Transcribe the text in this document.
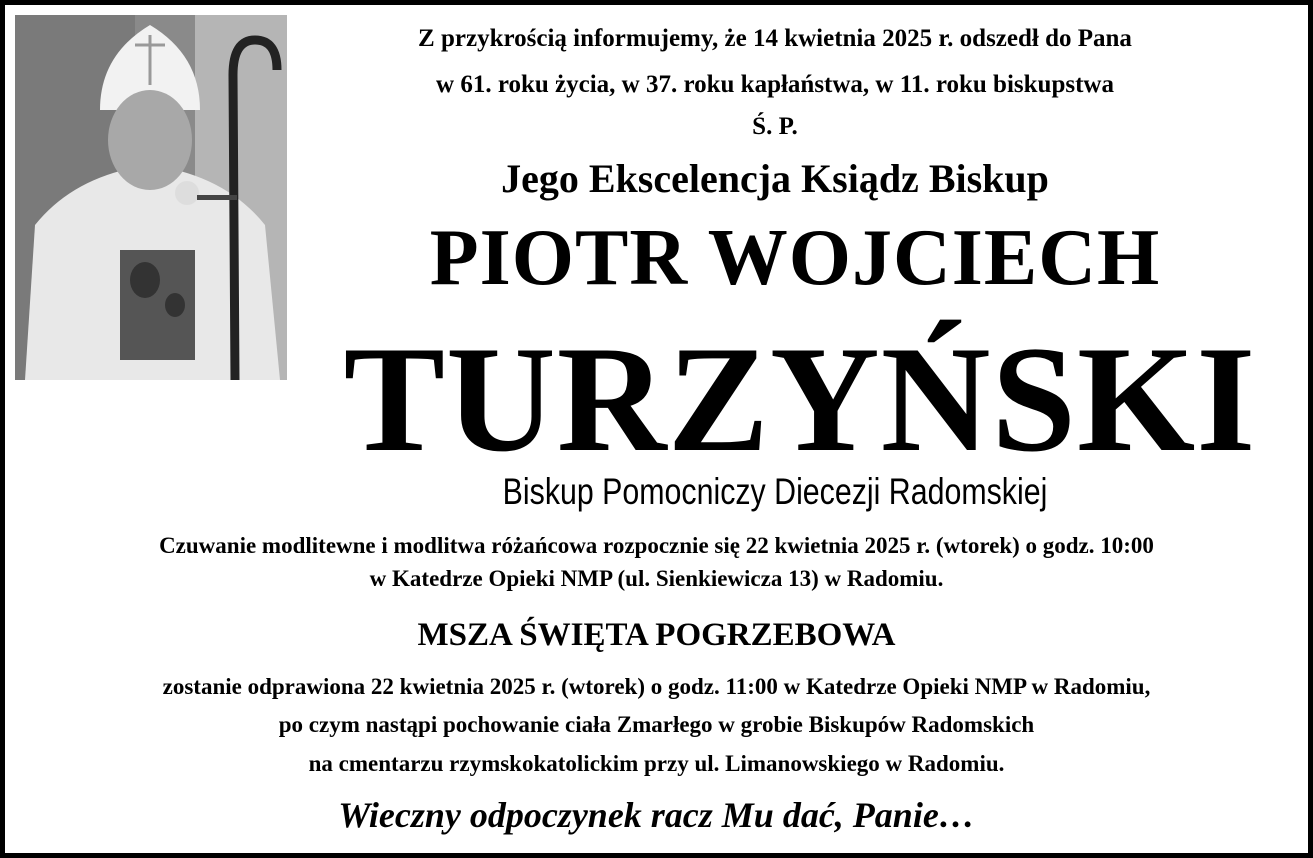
Z przykrością informujemy, że 14 kwietnia 2025 r. odszedł do Pana
w 61. roku życia, w 37. roku kapłaństwa, w 11. roku biskupstwa
Ś. P.
Jego Ekscelencja Ksiądz Biskup
PIOTR WOJCIECH
TURZYŃSKI
Biskup Pomocniczy Diecezji Radomskiej
Czuwanie modlitewne i modlitwa różańcowa rozpocznie się 22 kwietnia 2025 r. (wtorek) o godz. 10:00
w Katedrze Opieki NMP (ul. Sienkiewicza 13) w Radomiu.
MSZA ŚWIĘTA POGRZEBOWA
zostanie odprawiona 22 kwietnia 2025 r. (wtorek) o godz. 11:00 w Katedrze Opieki NMP w Radomiu,
po czym nastąpi pochowanie ciała Zmarłego w grobie Biskupów Radomskich
na cmentarzu rzymskokatolickim przy ul. Limanowskiego w Radomiu.
Wieczny odpoczynek racz Mu dać, Panie…
